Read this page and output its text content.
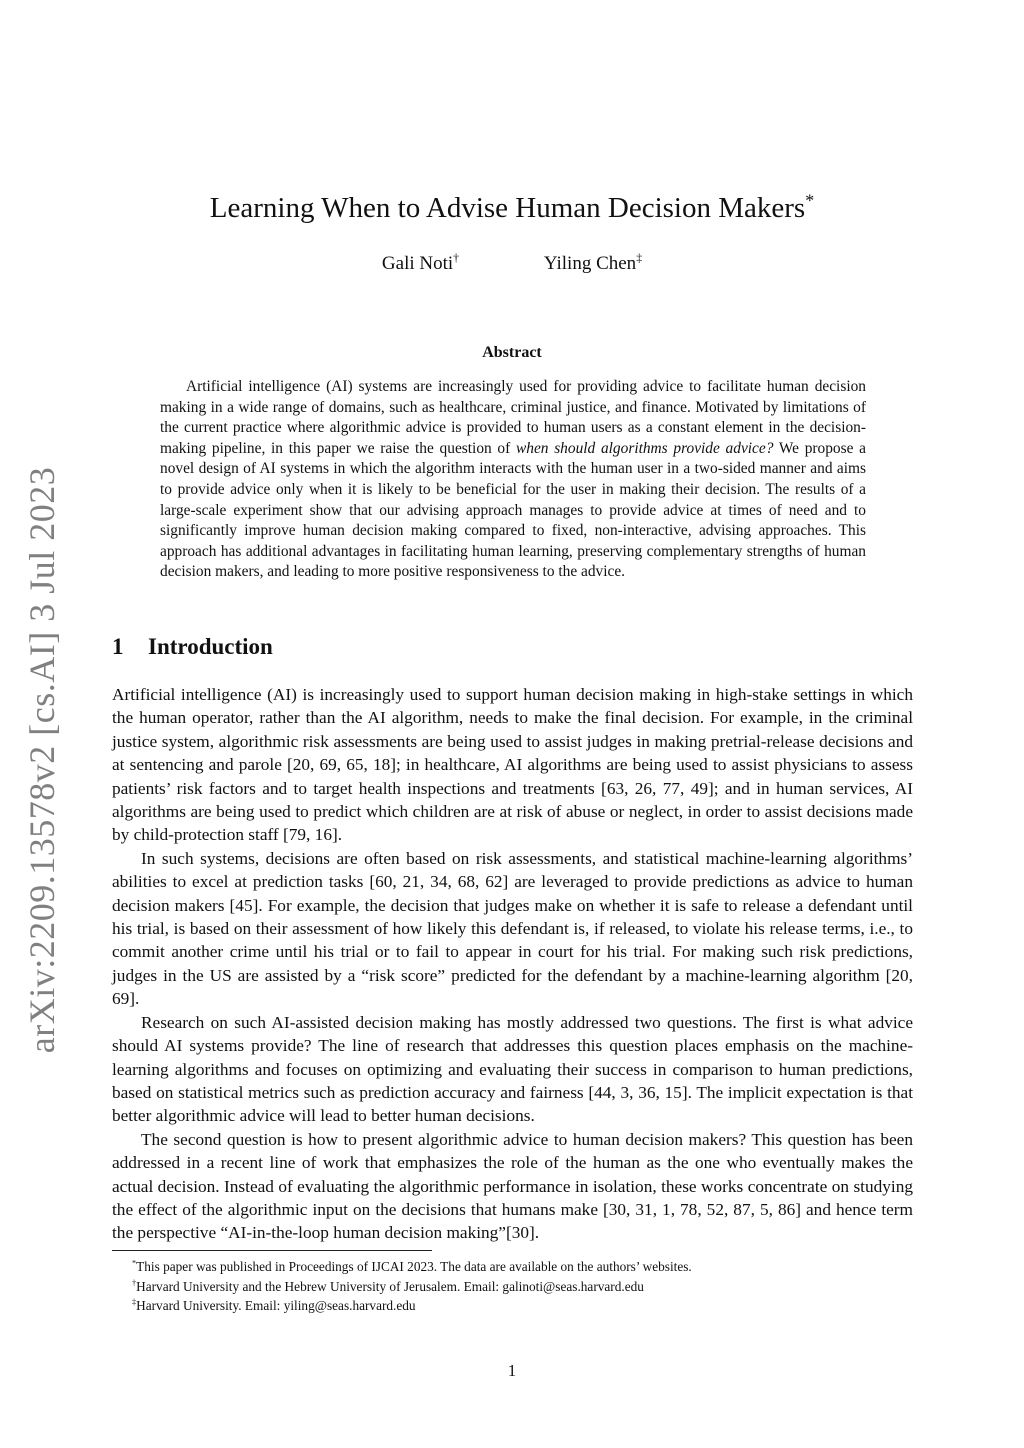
arXiv:2209.13578v2 [cs.AI] 3 Jul 2023
Learning When to Advise Human Decision Makers*
Gali Noti†	Yiling Chen‡
Abstract

Artificial intelligence (AI) systems are increasingly used for providing advice to facilitate human decision making in a wide range of domains, such as healthcare, criminal justice, and finance. Motivated by limitations of the current practice where algorithmic advice is provided to human users as a constant element in the decision-making pipeline, in this paper we raise the question of when should algorithms provide advice? We propose a novel design of AI systems in which the algorithm interacts with the human user in a two-sided manner and aims to provide advice only when it is likely to be beneficial for the user in making their decision. The results of a large-scale experiment show that our advising approach manages to provide advice at times of need and to significantly improve human decision making compared to fixed, non-interactive, advising approaches. This approach has additional advantages in facilitating human learning, preserving complementary strengths of human decision makers, and leading to more positive responsiveness to the advice.

1 Introduction

Artificial intelligence (AI) is increasingly used to support human decision making in high-stake settings in which the human operator, rather than the AI algorithm, needs to make the final decision. For example, in the criminal justice system, algorithmic risk assessments are being used to assist judges in making pretrial-release decisions and at sentencing and parole [20, 69, 65, 18]; in healthcare, AI algorithms are being used to assist physicians to assess patients’ risk factors and to target health inspections and treatments [63, 26, 77, 49]; and in human services, AI algorithms are being used to predict which children are at risk of abuse or neglect, in order to assist decisions made by child-protection staff [79, 16].

In such systems, decisions are often based on risk assessments, and statistical machine-learning algorithms’ abilities to excel at prediction tasks [60, 21, 34, 68, 62] are leveraged to provide predictions as advice to human decision makers [45]. For example, the decision that judges make on whether it is safe to release a defendant until his trial, is based on their assessment of how likely this defendant is, if released, to violate his release terms, i.e., to commit another crime until his trial or to fail to appear in court for his trial. For making such risk predictions, judges in the US are assisted by a “risk score” predicted for the defendant by a machine-learning algorithm [20, 69].

Research on such AI-assisted decision making has mostly addressed two questions. The first is what advice should AI systems provide? The line of research that addresses this question places emphasis on the machine-learning algorithms and focuses on optimizing and evaluating their success in comparison to human predictions, based on statistical metrics such as prediction accuracy and fairness [44, 3, 36, 15]. The implicit expectation is that better algorithmic advice will lead to better human decisions.

The second question is how to present algorithmic advice to human decision makers? This question has been addressed in a recent line of work that emphasizes the role of the human as the one who eventually makes the actual decision. Instead of evaluating the algorithmic performance in isolation, these works concentrate on studying the effect of the algorithmic input on the decisions that humans make [30, 31, 1, 78, 52, 87, 5, 86] and hence term the perspective “AI-in-the-loop human decision making”[30].

*This paper was published in Proceedings of IJCAI 2023. The data are available on the authors’ websites.
†Harvard University and the Hebrew University of Jerusalem. Email: galinoti@seas.harvard.edu
‡Harvard University. Email: yiling@seas.harvard.edu
1
